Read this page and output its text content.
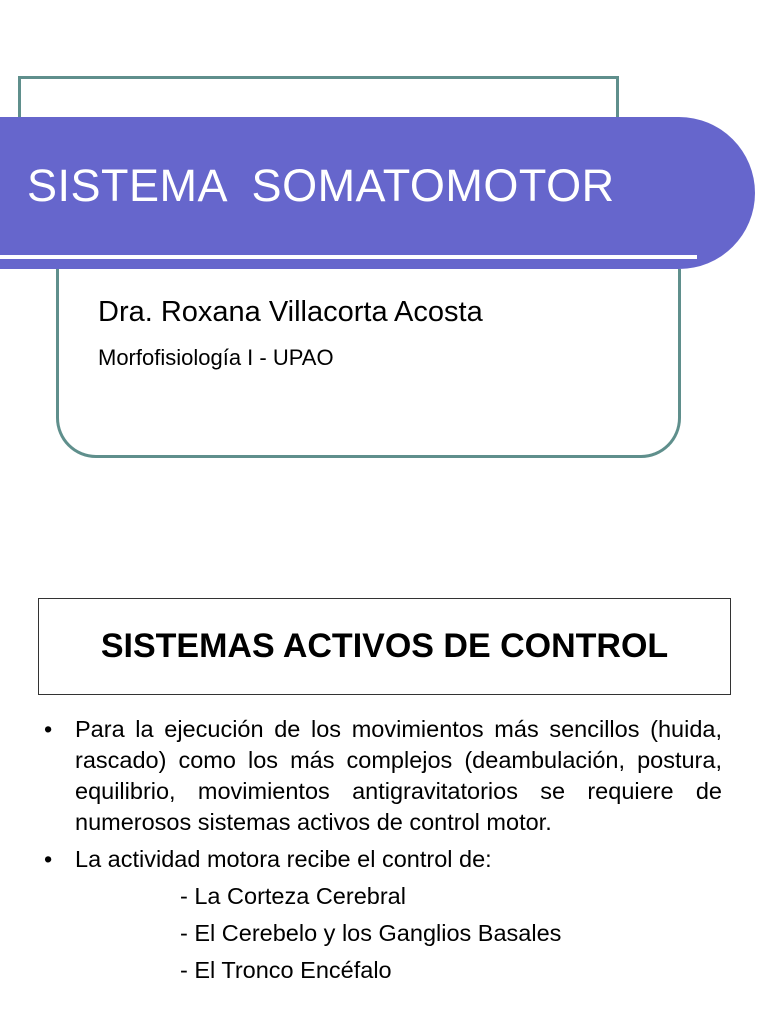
SISTEMA  SOMATOMOTOR
Dra. Roxana Villacorta Acosta
Morfofisiología I - UPAO
SISTEMAS ACTIVOS DE CONTROL
• Para la ejecución de los movimientos más sencillos (huida, rascado) como los más complejos (deambulación, postura, equilibrio, movimientos antigravitatorios se requiere de numerosos sistemas activos de control motor.
• La actividad motora recibe el control de:
- La Corteza Cerebral
- El Cerebelo y los Ganglios Basales
- El Tronco Encéfalo
